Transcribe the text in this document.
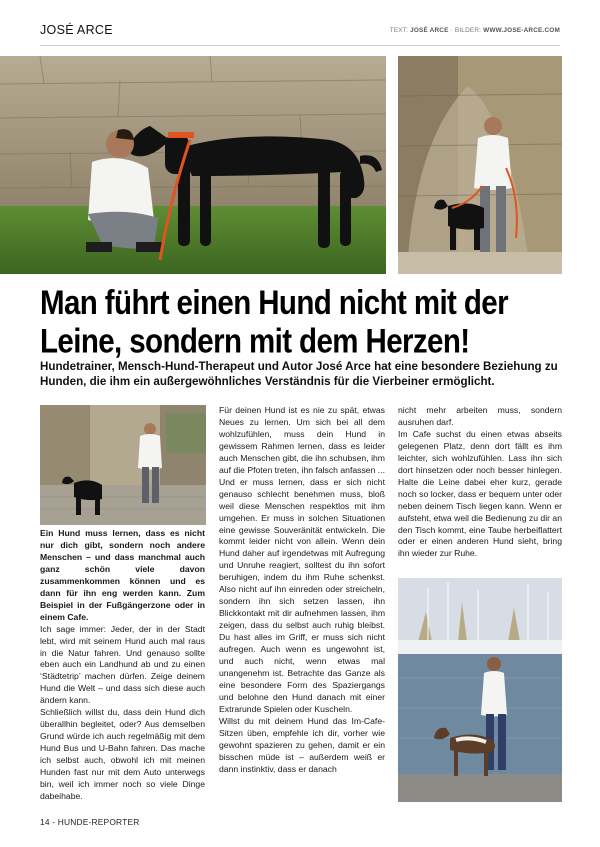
JOSÉ ARCE	TEXT: JOSÉ ARCE · BILDER: WWW.JOSE-ARCE.COM
Man führt einen Hund nicht mit der Leine, sondern mit dem Herzen!
Hundetrainer, Mensch-Hund-Therapeut und Autor José Arce hat eine besondere Beziehung zu Hunden, die ihm ein außergewöhnliches Verständnis für die Vierbeiner ermöglicht.

Ein Hund muss lernen, dass es nicht nur dich gibt, sondern noch andere Menschen – und dass manchmal auch ganz schön viele davon zusammenkommen können und es dann für ihn eng werden kann. Zum Beispiel in der Fußgängerzone oder in einem Cafe.

Ich sage immer: Jeder, der in der Stadt lebt, wird mit seinem Hund auch mal raus in die Natur fahren. Und genauso sollte eben auch ein Landhund ab und zu einen ‘Städtetrip’ machen dürfen. Zeige deinem Hund die Welt – und dass sich diese auch ändern kann.

Schließlich willst du, dass dein Hund dich überallhin begleitet, oder? Aus demselben Grund würde ich auch regelmäßig mit dem Hund Bus und U-Bahn fahren. Das mache ich selbst auch, obwohl ich mit meinen Hunden fast nur mit dem Auto unterwegs bin, weil ich immer noch so viele Dinge dabeihabe.

Für deinen Hund ist es nie zu spät, etwas Neues zu lernen. Um sich bei all dem wohlzufühlen, muss dein Hund in gewissem Rahmen lernen, dass es leider auch Menschen gibt, die ihn schubsen, ihm auf die Pfoten treten, ihn falsch anfassen ... Und er muss lernen, dass er sich nicht genauso schlecht benehmen muss, bloß weil diese Menschen respektlos mit ihm umgehen. Er muss in solchen Situationen eine gewisse Souveränität entwickeln. Die kommt leider nicht von allein. Wenn dein Hund daher auf irgendetwas mit Aufregung und Unruhe reagiert, solltest du ihn sofort beruhigen, indem du ihm Ruhe schenkst. Also nicht auf ihn einreden oder streicheln, sondern ihn sich setzen lassen, ihn Blickkontakt mit dir aufnehmen lassen, ihm zeigen, dass du selbst auch ruhig bleibst. Du hast alles im Griff, er muss sich nicht aufregen. Auch wenn es ungewohnt ist, und auch nicht, wenn etwas mal unangenehm ist. Betrachte das Ganze als eine besondere Form des Spaziergangs und belohne den Hund danach mit einer Extrarunde Spielen oder Kuscheln.

Willst du mit deinem Hund das Im-Cafe- Sitzen üben, empfehle ich dir, vorher wie gewohnt spazieren zu gehen, damit er ein bisschen müde ist – außerdem weiß er dann instinktiv, dass er danach

nicht mehr arbeiten muss, sondern ausruhen darf.

Im Cafe suchst du einen etwas abseits gelegenen Platz, denn dort fällt es ihm leichter, sich wohlzufühlen. Lass ihn sich dort hinsetzen oder noch besser hinlegen. Halte die Leine dabei eher kurz, gerade noch so locker, dass er bequem unter oder neben deinem Tisch liegen kann. Wenn er aufsteht, etwa weil die Bedienung zu dir an den Tisch kommt, eine Taube herbeiflattert oder er einen anderen Hund sieht, bring ihn wieder zur Ruhe.

14 - HUNDE-REPORTER
